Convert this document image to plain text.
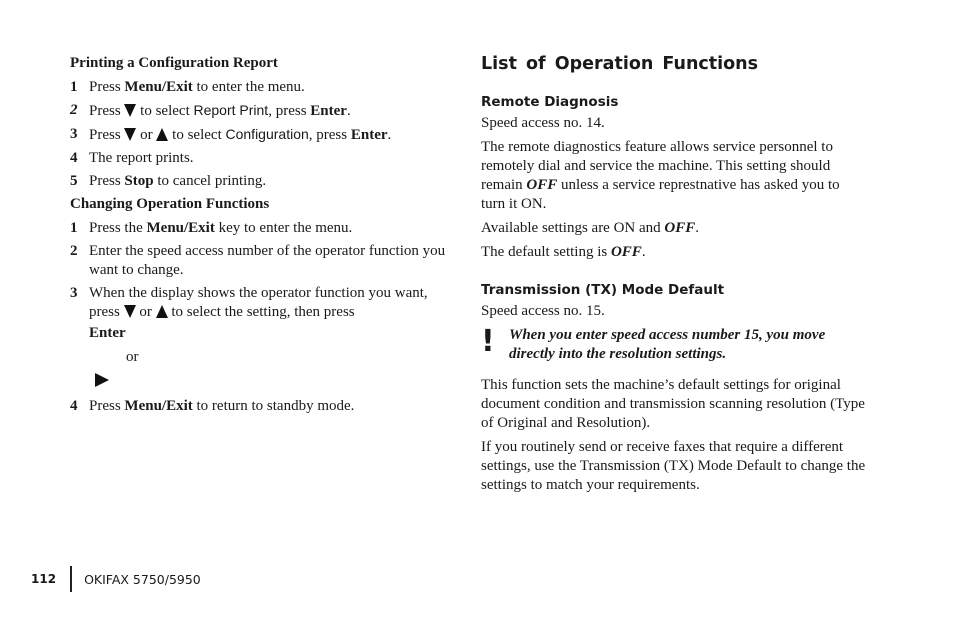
Printing a Configuration Report
1 Press Menu/Exit to enter the menu.
2 Press  to select Report Print, press Enter.
3 Press  or  to select Configuration, press Enter.
4 The report prints.
5 Press Stop to cancel printing.
Changing Operation Functions
1 Press the Menu/Exit key to enter the menu.
2 Enter the speed access number of the operator function you want to change.
3 When the display shows the operator function you want, press  or  to select the setting, then press
Enter
or
4 Press Menu/Exit to return to standby mode.
List of Operation Functions
Remote Diagnosis

Speed access no. 14.

The remote diagnostics feature allows service personnel to remotely dial and service the machine. This setting should remain OFF unless a service represtnative has asked you to turn it ON.

Available settings are ON and OFF.

The default setting is OFF.

Transmission (TX) Mode Default

Speed access no. 15.

! When you enter speed access number 15, you move directly into the resolution settings.

This function sets the machine’s default settings for original document condition and transmission scanning resolution (Type of Original and Resolution).

If you routinely send or receive faxes that require a different settings, use the Transmission (TX) Mode Default to change the settings to match your requirements.

112 OKIFAX 5750/5950
